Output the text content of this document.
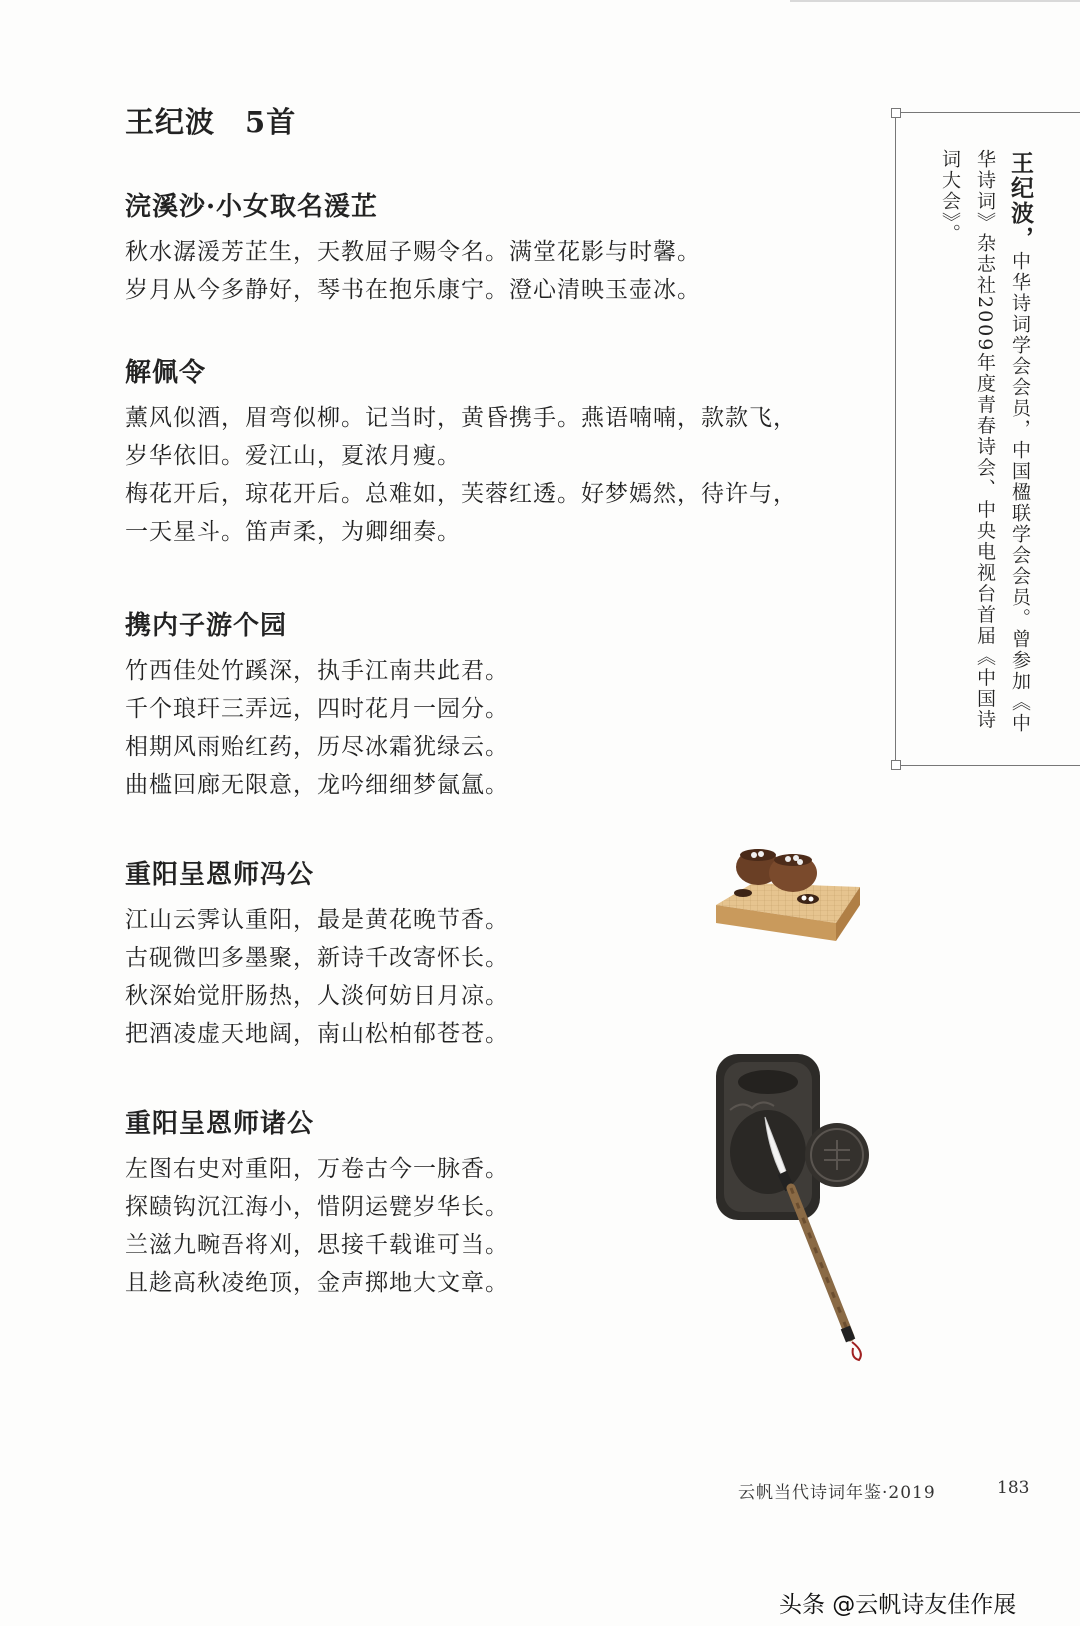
王纪波 5首
浣溪沙·小女取名湲芷

秋水潺湲芳芷生，天教屈子赐令名。满堂花影与时馨。

岁月从今多静好，琴书在抱乐康宁。澄心清映玉壶冰。

解佩令

薰风似酒，眉弯似柳。记当时，黄昏携手。燕语喃喃，款款飞，

岁华依旧。爱江山，夏浓月瘦。

梅花开后，琼花开后。总难如，芙蓉红透。好梦嫣然，待许与，

一天星斗。笛声柔，为卿细奏。

携内子游个园

竹西佳处竹蹊深，执手江南共此君。

千个琅玕三弄远，四时花月一园分。

相期风雨贻红药，历尽冰霜犹绿云。

曲槛回廊无限意，龙吟细细梦氤氲。

重阳呈恩师冯公

江山云霁认重阳，最是黄花晚节香。

古砚微凹多墨聚，新诗千改寄怀长。

秋深始觉肝肠热，人淡何妨日月凉。

把酒凌虚天地阔，南山松柏郁苍苍。

重阳呈恩师诸公

左图右史对重阳，万卷古今一脉香。

探赜钩沉江海小，惜阴运甓岁华长。

兰滋九畹吾将刈，思接千载谁可当。

且趁高秋凌绝顶，金声掷地大文章。

王纪波，中华诗词学会会员，中国楹联学会会员。曾参加《中
华诗词》杂志社2009年度青春诗会、中央电视台首届《中国诗
词大会》。
云帆当代诗词年鉴·2019	183
头条 @云帆诗友佳作展
